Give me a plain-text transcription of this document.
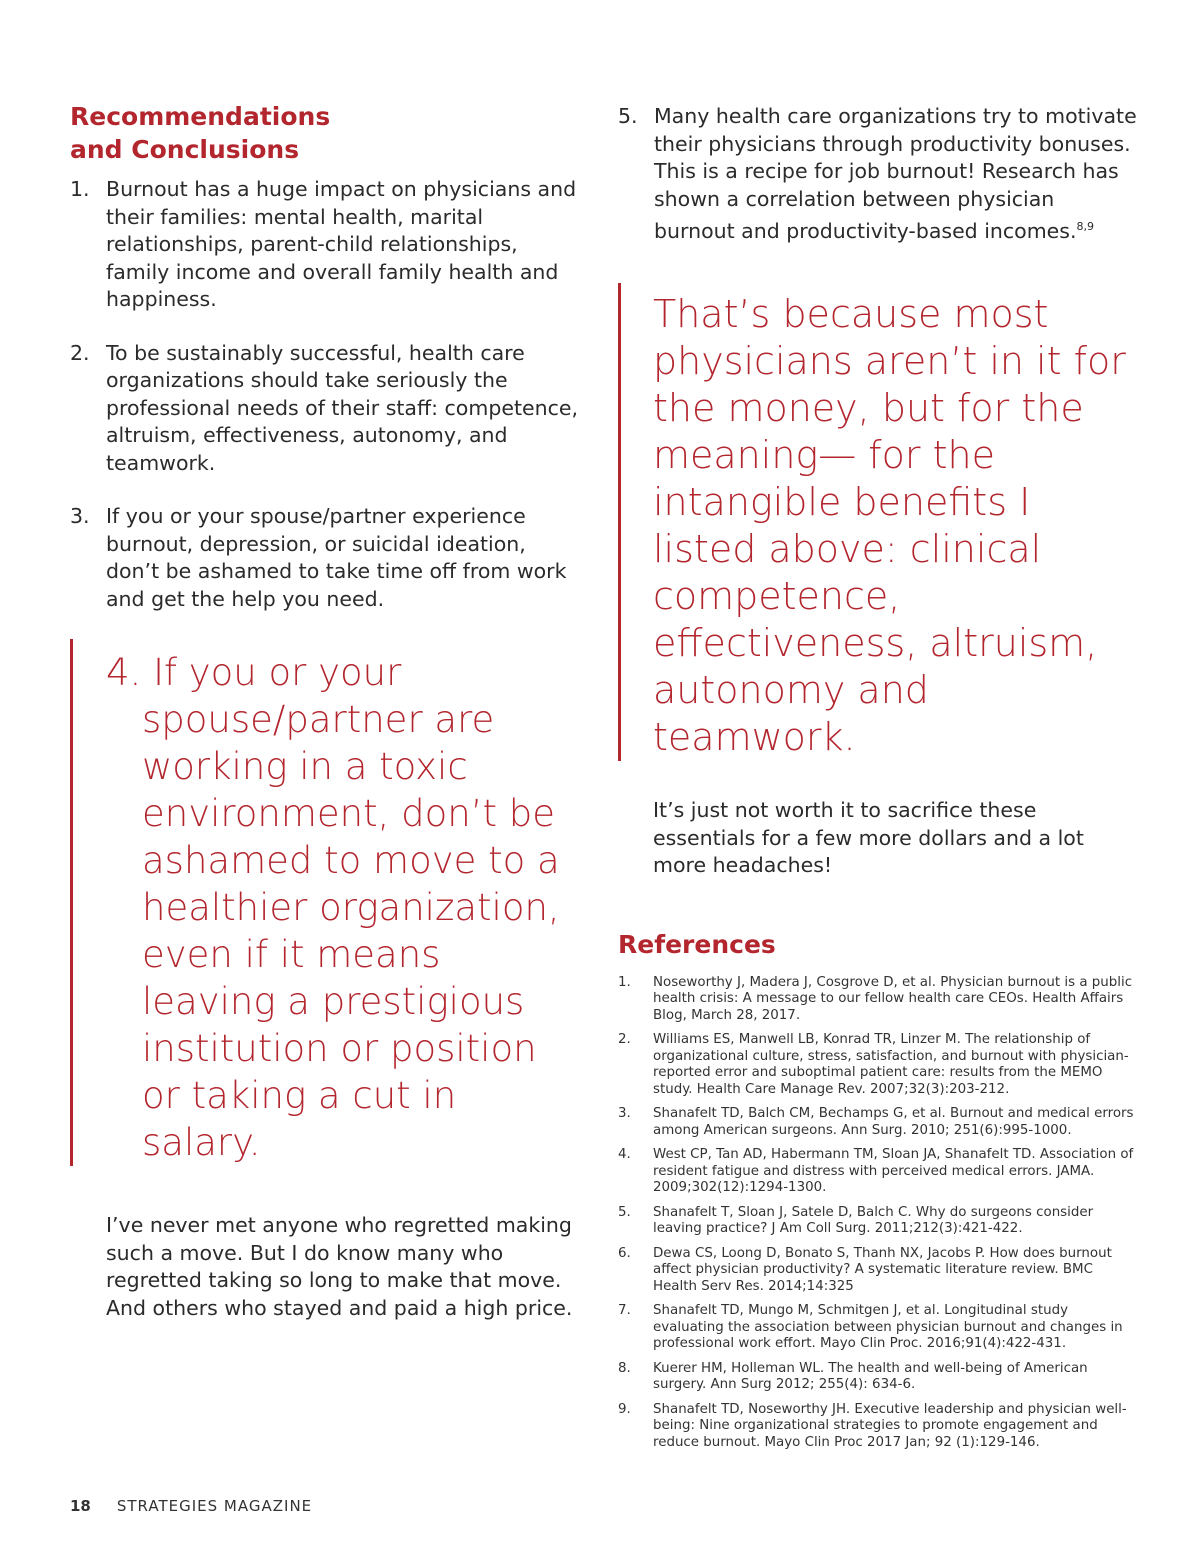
Recommendations
and Conclusions
1. Burnout has a huge impact on physicians and their families: mental health, marital relationships, parent-child relationships, family income and overall family health and happiness.
2. To be sustainably successful, health care organizations should take seriously the professional needs of their staff: competence, altruism, effectiveness, autonomy, and teamwork.
3. If you or your spouse/partner experience burnout, depression, or suicidal ideation, don’t be ashamed to take time off from work and get the help you need.

4. If you or your spouse/partner are working in a toxic environment, don’t be ashamed to move to a healthier organization, even if it means leaving a prestigious institution or position or taking a cut in salary.

I’ve never met anyone who regretted making such a move. But I do know many who regretted taking so long to make that move. And others who stayed and paid a high price.

5. Many health care organizations try to motivate their physicians through productivity bonuses. This is a recipe for job burnout! Research has shown a correlation between physician burnout and productivity-based incomes.$^{8,9}$

That’s because most physicians aren’t in it for the money, but for the meaning— for the intangible benefits I listed above: clinical competence, effectiveness, altruism, autonomy and teamwork.

It’s just not worth it to sacrifice these essentials for a few more dollars and a lot more headaches!

References
1. Noseworthy J, Madera J, Cosgrove D, et al. Physician burnout is a public health crisis: A message to our fellow health care CEOs. Health Affairs Blog, March 28, 2017.
2. Williams ES, Manwell LB, Konrad TR, Linzer M. The relationship of organizational culture, stress, satisfaction, and burnout with physician-reported error and suboptimal patient care: results from the MEMO study. Health Care Manage Rev. 2007;32(3):203-212.
3. Shanafelt TD, Balch CM, Bechamps G, et al. Burnout and medical errors among American surgeons. Ann Surg. 2010; 251(6):995-1000.
4. West CP, Tan AD, Habermann TM, Sloan JA, Shanafelt TD. Association of resident fatigue and distress with perceived medical errors. JAMA. 2009;302(12):1294-1300.
5. Shanafelt T, Sloan J, Satele D, Balch C. Why do surgeons consider leaving practice? J Am Coll Surg. 2011;212(3):421-422.
6. Dewa CS, Loong D, Bonato S, Thanh NX, Jacobs P. How does burnout affect physician productivity? A systematic literature review. BMC Health Serv Res. 2014;14:325
7. Shanafelt TD, Mungo M, Schmitgen J, et al. Longitudinal study evaluating the association between physician burnout and changes in professional work effort. Mayo Clin Proc. 2016;91(4):422-431.
8. Kuerer HM, Holleman WL. The health and well-being of American surgery. Ann Surg 2012; 255(4): 634-6.
9. Shanafelt TD, Noseworthy JH. Executive leadership and physician well-being: Nine organizational strategies to promote engagement and reduce burnout. Mayo Clin Proc 2017 Jan; 92 (1):129-146.
18 STRATEGIES MAGAZINE
